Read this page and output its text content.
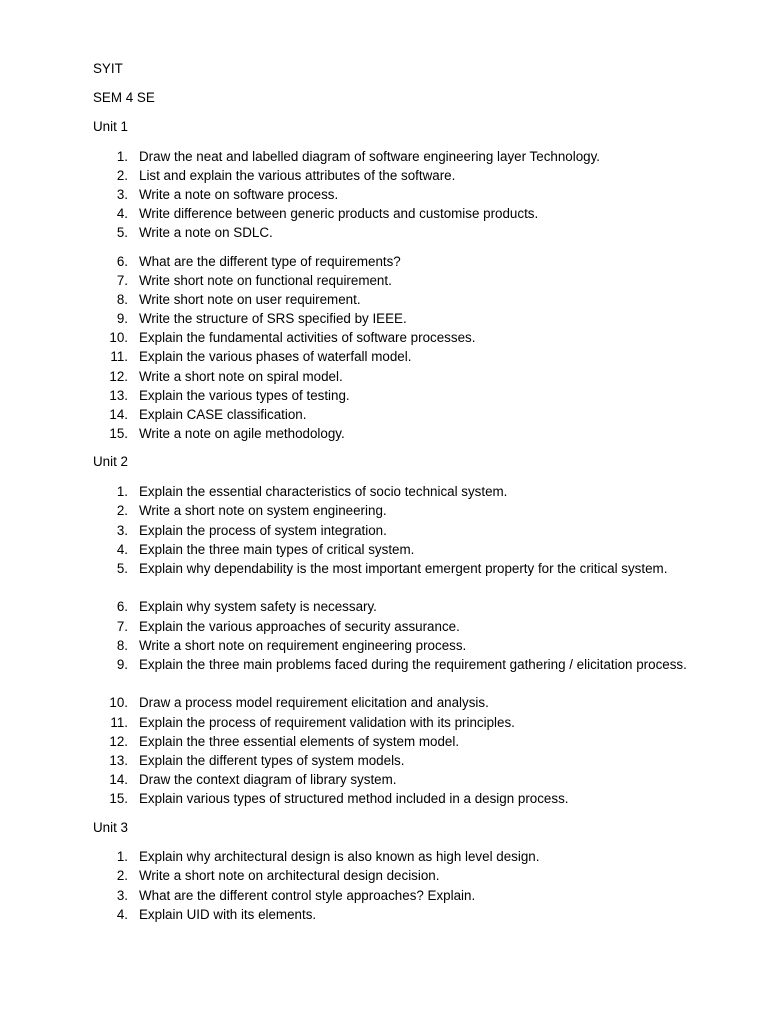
SYIT
SEM 4 SE
Unit 1
1. Draw the neat and labelled diagram of software engineering layer Technology.
2. List and explain the various attributes of the software.
3. Write a note on software process.
4. Write difference between generic products and customise products.
5. Write a note on SDLC.
6. What are the different type of requirements?
7. Write short note on functional requirement.
8. Write short note on user requirement.
9. Write the structure of SRS specified by IEEE.
10. Explain the fundamental activities of software processes.
11. Explain the various phases of waterfall model.
12. Write a short note on spiral model.
13. Explain the various types of testing.
14. Explain CASE classification.
15. Write a note on agile methodology.
Unit 2
1. Explain the essential characteristics of socio technical system.
2. Write a short note on system engineering.
3. Explain the process of system integration.
4. Explain the three main types of critical system.
5. Explain why dependability is the most important emergent property for the critical system.
6. Explain why system safety is necessary.
7. Explain the various approaches of security assurance.
8. Write a short note on requirement engineering process.
9. Explain the three main problems faced during the requirement gathering / elicitation process.
10. Draw a process model requirement elicitation and analysis.
11. Explain the process of requirement validation with its principles.
12. Explain the three essential elements of system model.
13. Explain the different types of system models.
14. Draw the context diagram of library system.
15. Explain various types of structured method included in a design process.
Unit 3
1. Explain why architectural design is also known as high level design.
2. Write a short note on architectural design decision.
3. What are the different control style approaches? Explain.
4. Explain UID with its elements.
